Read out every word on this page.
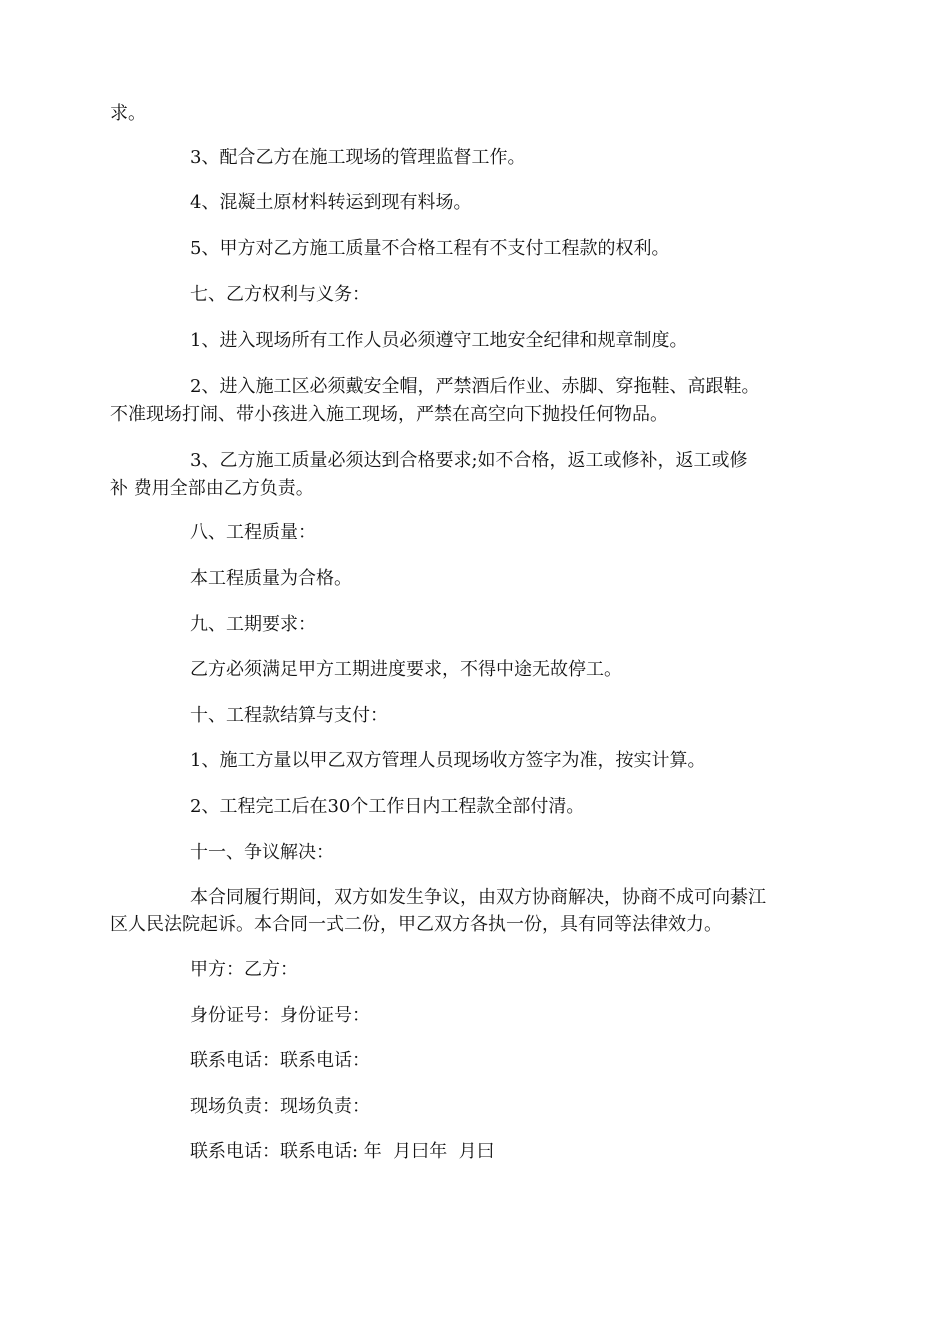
求。
3、配合乙方在施工现场的管理监督工作。
4、混凝土原材料转运到现有料场。
5、甲方对乙方施工质量不合格工程有不支付工程款的权利。
七、乙方权利与义务：
1、进入现场所有工作人员必须遵守工地安全纪律和规章制度。
2、进入施工区必须戴安全帽，严禁酒后作业、赤脚、穿拖鞋、高跟鞋。
不准现场打闹、带小孩进入施工现场，严禁在高空向下抛投任何物品。
3、乙方施工质量必须达到合格要求;如不合格，返工或修补，返工或修
补 费用全部由乙方负责。
八、工程质量：
本工程质量为合格。
九、工期要求：
乙方必须满足甲方工期进度要求，不得中途无故停工。
十、工程款结算与支付：
1、施工方量以甲乙双方管理人员现场收方签字为准，按实计算。
2、工程完工后在30个工作日内工程款全部付清。
十一、争议解决：
本合同履行期间，双方如发生争议，由双方协商解决，协商不成可向綦江
区人民法院起诉。本合同一式二份，甲乙双方各执一份，具有同等法律效力。
甲方：乙方：
身份证号：身份证号：
联系电话：联系电话：
现场负责：现场负责：
联系电话：联系电话: 年  月曰年  月曰
